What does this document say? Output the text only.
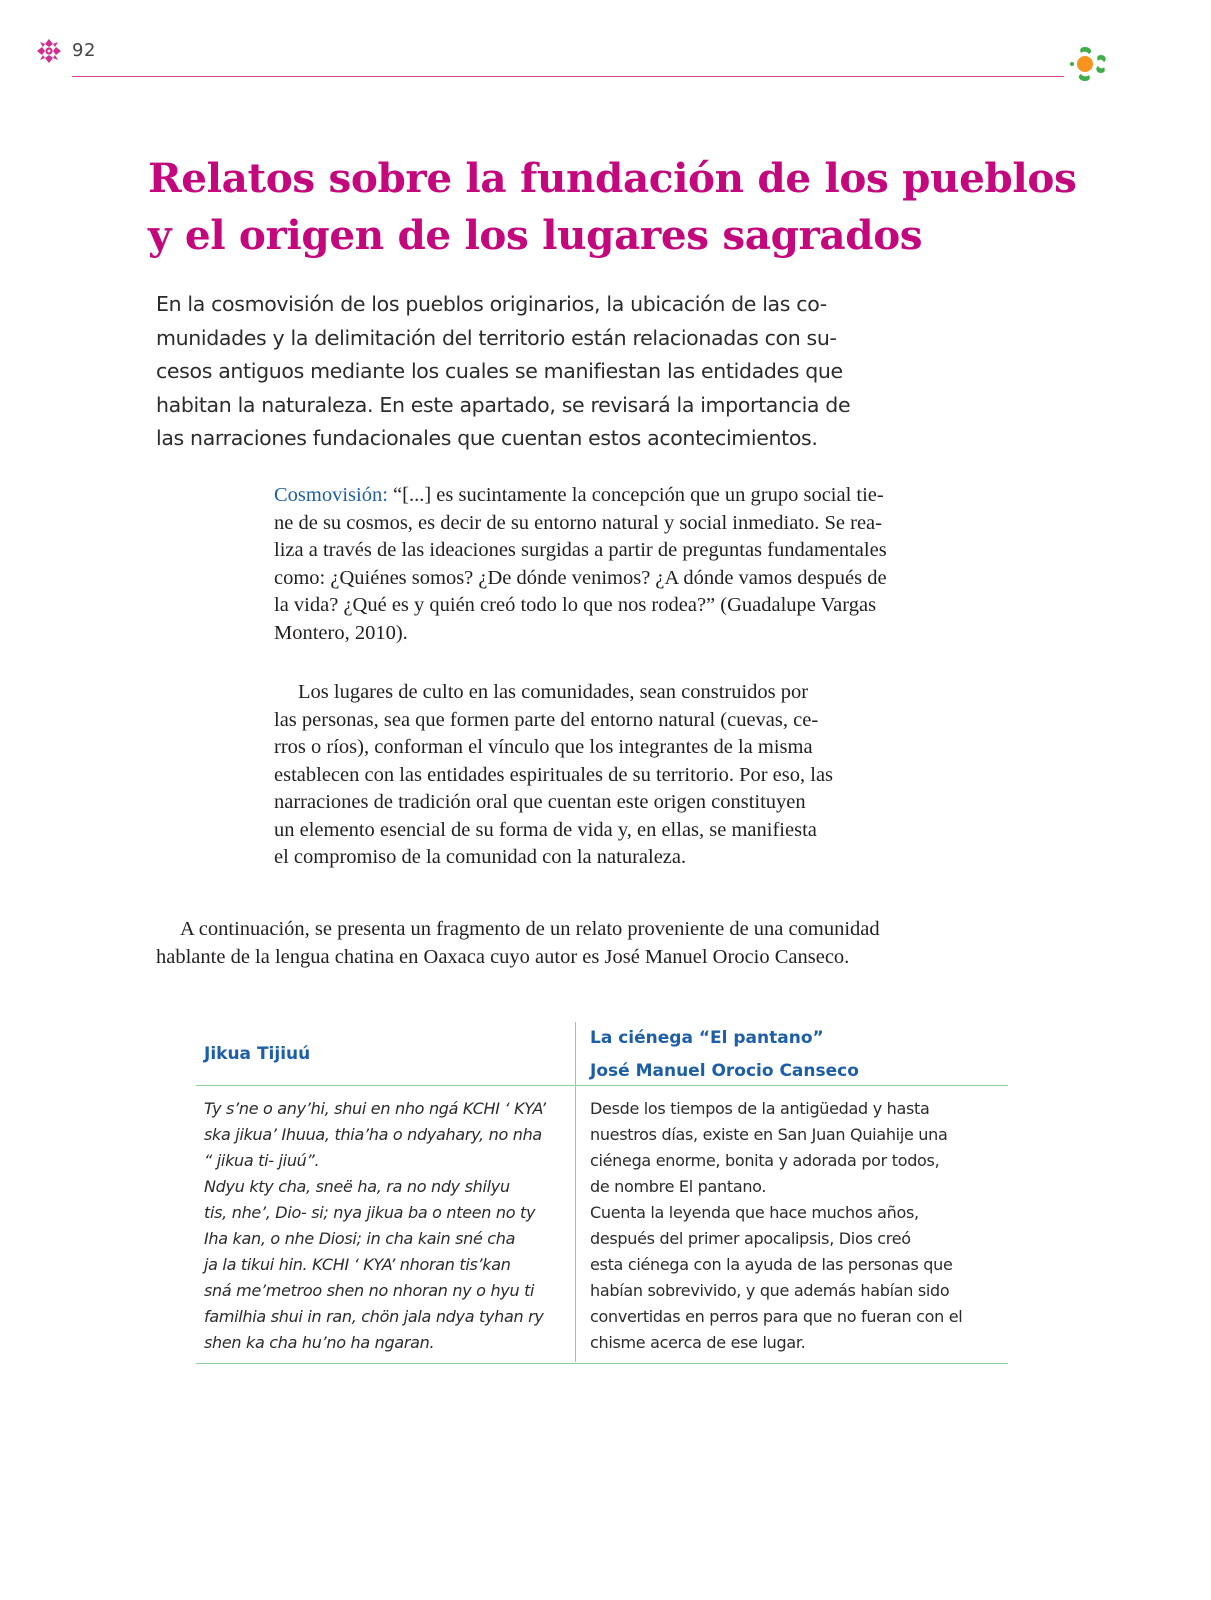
92
Relatos sobre la fundación de los pueblos
y el origen de los lugares sagrados

En la cosmovisión de los pueblos originarios, la ubicación de las co-
munidades y la delimitación del territorio están relacionadas con su-
cesos antiguos mediante los cuales se manifiestan las entidades que
habitan la naturaleza. En este apartado, se revisará la importancia de
las narraciones fundacionales que cuentan estos acontecimientos.

Cosmovisión: “[...] es sucintamente la concepción que un grupo social tie-
ne de su cosmos, es decir de su entorno natural y social inmediato. Se rea-
liza a través de las ideaciones surgidas a partir de preguntas fundamentales
como: ¿Quiénes somos? ¿De dónde venimos? ¿A dónde vamos después de
la vida? ¿Qué es y quién creó todo lo que nos rodea?” (Guadalupe Vargas
Montero, 2010).

Los lugares de culto en las comunidades, sean construidos por
las personas, sea que formen parte del entorno natural (cuevas, ce-
rros o ríos), conforman el vínculo que los integrantes de la misma
establecen con las entidades espirituales de su territorio. Por eso, las
narraciones de tradición oral que cuentan este origen constituyen
un elemento esencial de su forma de vida y, en ellas, se manifiesta
el compromiso de la comunidad con la naturaleza.

A continuación, se presenta un fragmento de un relato proveniente de una comunidad
hablante de la lengua chatina en Oaxaca cuyo autor es José Manuel Orocio Canseco.

Jikua Tijiuú
La ciénega “El pantano”
José Manuel Orocio Canseco
Ty s’ne o any’hi, shui en nho ngá KCHI ‘ KYA’
ska jikua’ Ihuua, thia’ha o ndyahary, no nha
“ jikua ti- jiuú”.
Ndyu kty cha, sneë ha, ra no ndy shilyu
tis, nhe’, Dio- si; nya jikua ba o nteen no ty
Iha kan, o nhe Diosi; in cha kain sné cha
ja la tikui hin. KCHI ‘ KYA’ nhoran tis’kan
sná me’metroo shen no nhoran ny o hyu ti
familhia shui in ran, chön jala ndya tyhan ry
shen ka cha hu’no ha ngaran.
Desde los tiempos de la antigüedad y hasta
nuestros días, existe en San Juan Quiahije una
ciénega enorme, bonita y adorada por todos,
de nombre El pantano.
Cuenta la leyenda que hace muchos años,
después del primer apocalipsis, Dios creó
esta ciénega con la ayuda de las personas que
habían sobrevivido, y que además habían sido
convertidas en perros para que no fueran con el
chisme acerca de ese lugar.
